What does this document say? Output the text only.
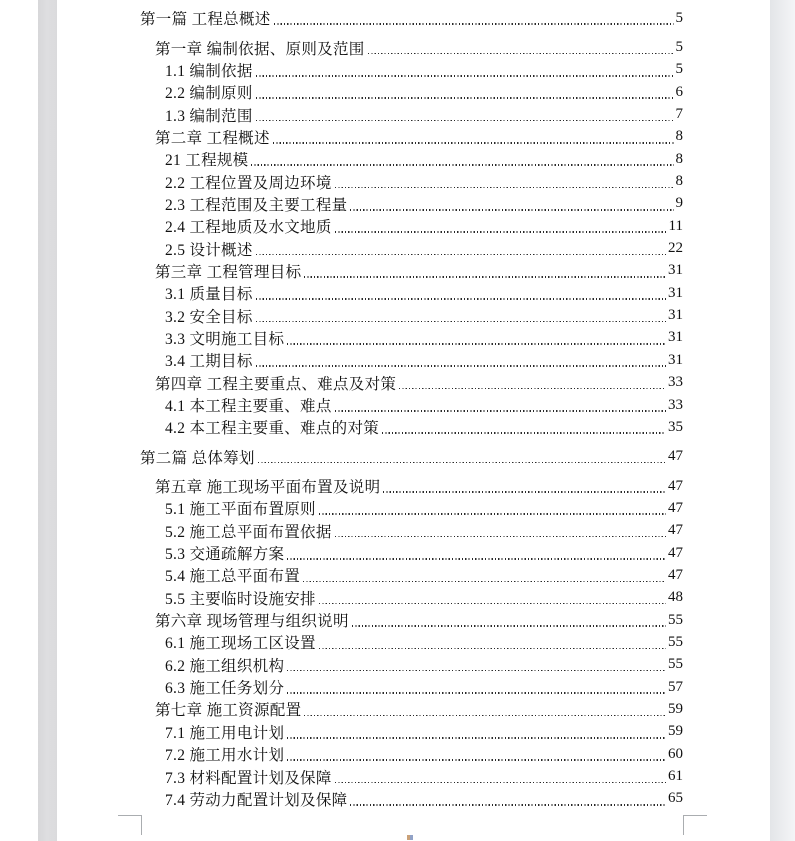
第一篇 工程总概述	5
第一章 编制依据、原则及范围	5
1.1 编制依据	5
2.2 编制原则	6
1.3 编制范围	7
第二章 工程概述	8
21 工程规模	8
2.2 工程位置及周边环境	8
2.3 工程范围及主要工程量	9
2.4 工程地质及水文地质	11
2.5 设计概述	22
第三章 工程管理目标	31
3.1 质量目标	31
3.2 安全目标	31
3.3 文明施工目标	31
3.4 工期目标	31
第四章 工程主要重点、难点及对策	33
4.1 本工程主要重、难点	33
4.2 本工程主要重、难点的对策	35
第二篇 总体筹划	47
第五章 施工现场平面布置及说明	47
5.1 施工平面布置原则	47
5.2 施工总平面布置依据	47
5.3 交通疏解方案	47
5.4 施工总平面布置	47
5.5 主要临时设施安排	48
第六章 现场管理与组织说明	55
6.1 施工现场工区设置	55
6.2 施工组织机构	55
6.3 施工任务划分	57
第七章 施工资源配置	59
7.1 施工用电计划	59
7.2 施工用水计划	60
7.3 材料配置计划及保障	61
7.4 劳动力配置计划及保障	65
